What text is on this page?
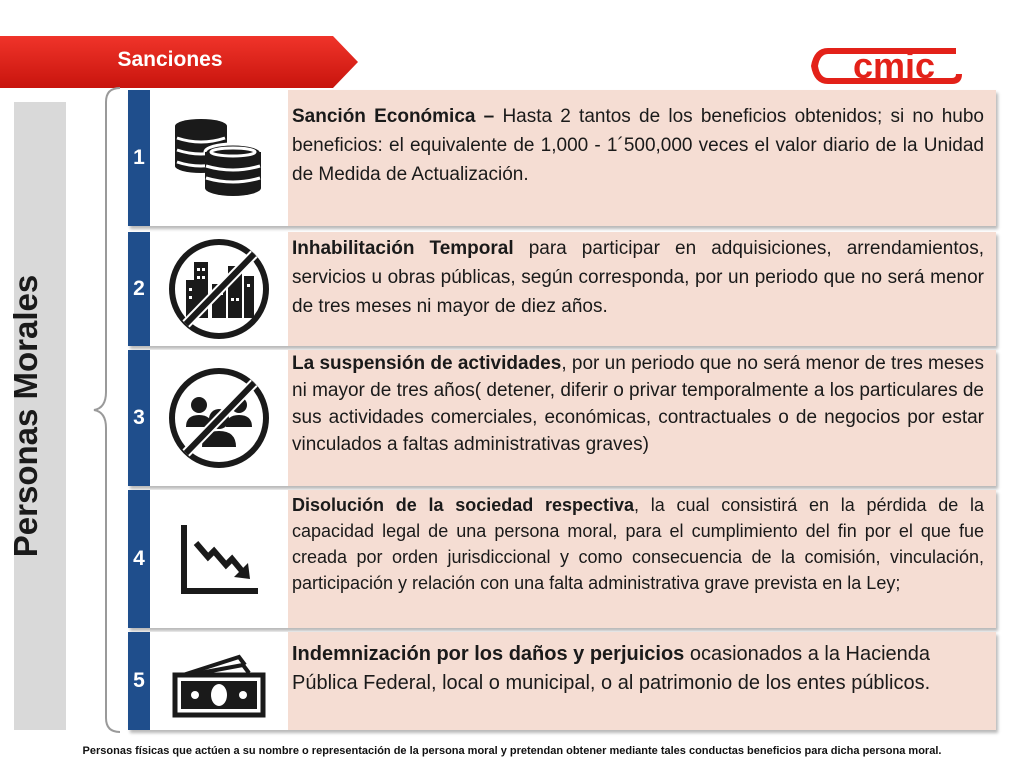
Sanciones	cmic
Personas Morales
1

Sanción Económica – Hasta 2 tantos de los beneficios obtenidos; si no hubo beneficios: el equivalente de 1,000 - 1´500,000 veces el valor diario de la Unidad de Medida de Actualización.

2

Inhabilitación Temporal para participar en adquisiciones, arrendamientos, servicios u obras públicas, según corresponda, por un periodo que no será menor de tres meses ni mayor de diez años.

3

La suspensión de actividades, por un periodo que no será menor de tres meses ni mayor de tres años( detener, diferir o privar temporalmente a los particulares de sus actividades comerciales, económicas, contractuales o de negocios por estar vinculados a faltas administrativas graves)

4

Disolución de la sociedad respectiva, la cual consistirá en la pérdida de la capacidad legal de una persona moral, para el cumplimiento del fin por el que fue creada por orden jurisdiccional y como consecuencia de la comisión, vinculación, participación y relación con una falta administrativa grave prevista en la Ley;

5

Indemnización por los daños y perjuicios ocasionados a la Hacienda Pública Federal, local o municipal, o al patrimonio de los entes públicos.

Personas físicas que actúen a su nombre o representación de la persona moral y pretendan obtener mediante tales conductas beneficios para dicha persona moral.
